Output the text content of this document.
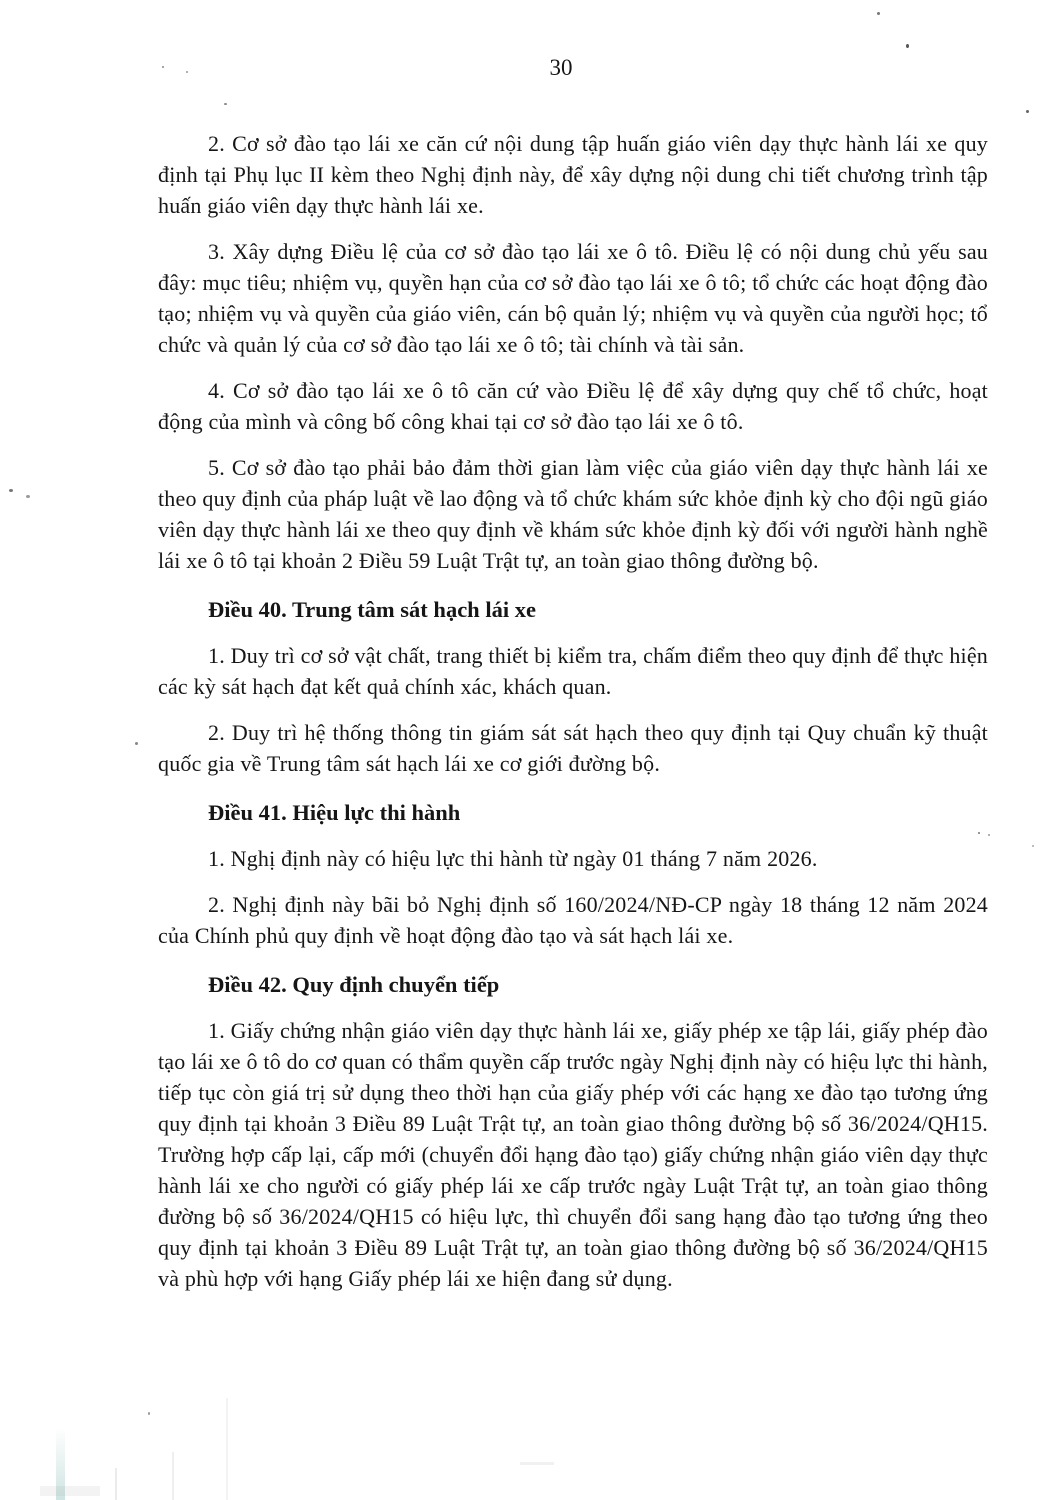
30

2. Cơ sở đào tạo lái xe căn cứ nội dung tập huấn giáo viên dạy thực hành lái xe quy định tại Phụ lục II kèm theo Nghị định này, để xây dựng nội dung chi tiết chương trình tập huấn giáo viên dạy thực hành lái xe.

3. Xây dựng Điều lệ của cơ sở đào tạo lái xe ô tô. Điều lệ có nội dung chủ yếu sau đây: mục tiêu; nhiệm vụ, quyền hạn của cơ sở đào tạo lái xe ô tô; tổ chức các hoạt động đào tạo; nhiệm vụ và quyền của giáo viên, cán bộ quản lý; nhiệm vụ và quyền của người học; tổ chức và quản lý của cơ sở đào tạo lái xe ô tô; tài chính và tài sản.

4. Cơ sở đào tạo lái xe ô tô căn cứ vào Điều lệ để xây dựng quy chế tổ chức, hoạt động của mình và công bố công khai tại cơ sở đào tạo lái xe ô tô.

5. Cơ sở đào tạo phải bảo đảm thời gian làm việc của giáo viên dạy thực hành lái xe theo quy định của pháp luật về lao động và tổ chức khám sức khỏe định kỳ cho đội ngũ giáo viên dạy thực hành lái xe theo quy định về khám sức khỏe định kỳ đối với người hành nghề lái xe ô tô tại khoản 2 Điều 59 Luật Trật tự, an toàn giao thông đường bộ.

Điều 40. Trung tâm sát hạch lái xe

1. Duy trì cơ sở vật chất, trang thiết bị kiểm tra, chấm điểm theo quy định để thực hiện các kỳ sát hạch đạt kết quả chính xác, khách quan.

2. Duy trì hệ thống thông tin giám sát sát hạch theo quy định tại Quy chuẩn kỹ thuật quốc gia về Trung tâm sát hạch lái xe cơ giới đường bộ.

Điều 41. Hiệu lực thi hành

1. Nghị định này có hiệu lực thi hành từ ngày 01 tháng 7 năm 2026.

2. Nghị định này bãi bỏ Nghị định số 160/2024/NĐ-CP ngày 18 tháng 12 năm 2024 của Chính phủ quy định về hoạt động đào tạo và sát hạch lái xe.

Điều 42. Quy định chuyển tiếp

1. Giấy chứng nhận giáo viên dạy thực hành lái xe, giấy phép xe tập lái, giấy phép đào tạo lái xe ô tô do cơ quan có thẩm quyền cấp trước ngày Nghị định này có hiệu lực thi hành, tiếp tục còn giá trị sử dụng theo thời hạn của giấy phép với các hạng xe đào tạo tương ứng quy định tại khoản 3 Điều 89 Luật Trật tự, an toàn giao thông đường bộ số 36/2024/QH15. Trường hợp cấp lại, cấp mới (chuyển đổi hạng đào tạo) giấy chứng nhận giáo viên dạy thực hành lái xe cho người có giấy phép lái xe cấp trước ngày Luật Trật tự, an toàn giao thông đường bộ số 36/2024/QH15 có hiệu lực, thì chuyển đổi sang hạng đào tạo tương ứng theo quy định tại khoản 3 Điều 89 Luật Trật tự, an toàn giao thông đường bộ số 36/2024/QH15 và phù hợp với hạng Giấy phép lái xe hiện đang sử dụng.
